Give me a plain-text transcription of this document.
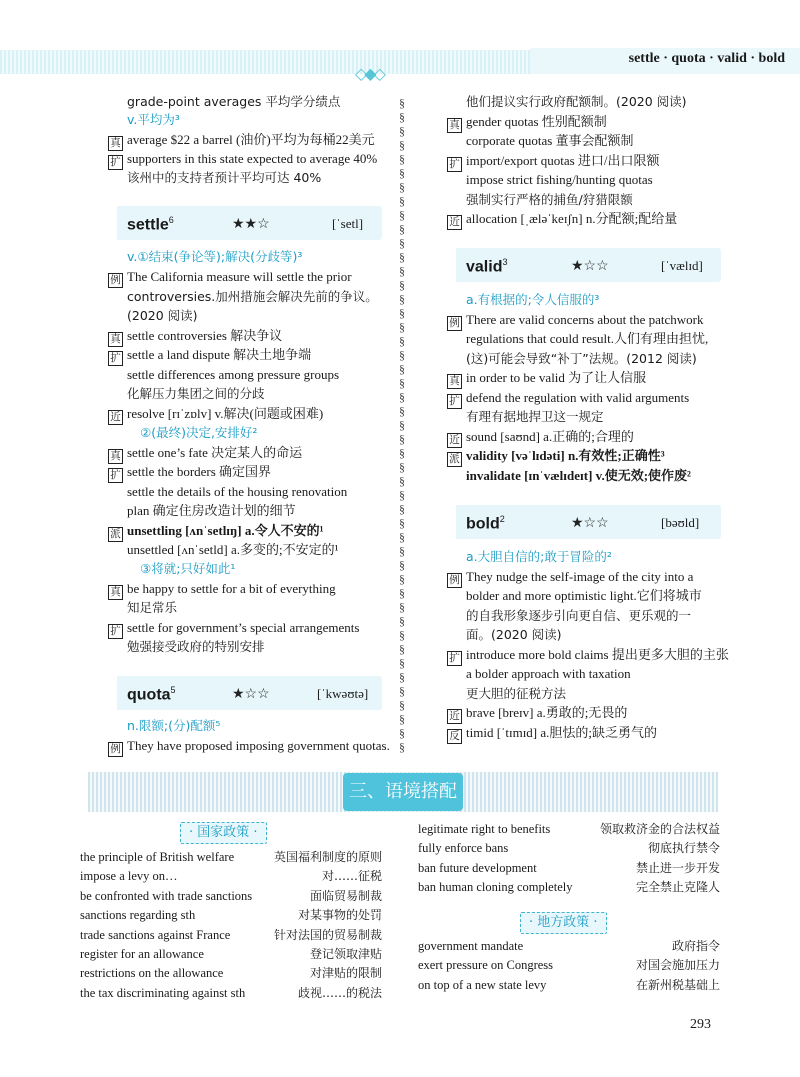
◇◆◇
settle · quota · valid · bold
§
§
§
§
§
§
§
§
§
§
§
§
§
§
§
§
§
§
§
§
§
§
§
§
§
§
§
§
§
§
§
§
§
§
§
§
§
§
§
§
§
§
§
§
§
§
§
grade-point averages 平均学分绩点
v.平均为³
真 average $22 a barrel (油价)平均为每桶22美元
扩 supporters in this state expected to average 40%
该州中的支持者预计平均可达 40%
settle$^6$	★★☆	[ˈsetl]
v.①结束(争论等);解决(分歧等)³
例 The California measure will settle the prior
controversies.加州措施会解决先前的争议。
(2020 阅读)
真 settle controversies 解决争议
扩 settle a land dispute 解决土地争端
settle differences among pressure groups
化解压力集团之间的分歧
近 resolve [rɪˈzɒlv] v.解决(问题或困难)
②(最终)决定,安排好²
真 settle one’s fate 决定某人的命运
扩 settle the borders 确定国界
settle the details of the housing renovation
plan 确定住房改造计划的细节
派 unsettling [ʌnˈsetlɪŋ] a.令人不安的¹
unsettled [ʌnˈsetld] a.多变的;不安定的¹
③将就;只好如此¹
真 be happy to settle for a bit of everything
知足常乐
扩 settle for government’s special arrangements
勉强接受政府的特别安排
quota$^5$	★☆☆	[ˈkwəʊtə]
n.限额;(分)配额⁵
例 They have proposed imposing government quotas.
他们提议实行政府配额制。(2020 阅读)
真 gender quotas 性别配额制
corporate quotas 董事会配额制
扩 import/export quotas 进口/出口限额
impose strict fishing/hunting quotas
强制实行严格的捕鱼/狩猎限额
近 allocation [ˌæləˈkeɪʃn] n.分配额;配给量
valid$^3$	★☆☆	[ˈvælɪd]
a.有根据的;令人信服的³
例 There are valid concerns about the patchwork
regulations that could result.人们有理由担忧,
(这)可能会导致“补丁”法规。(2012 阅读)
真 in order to be valid 为了让人信服
扩 defend the regulation with valid arguments
有理有据地捍卫这一规定
近 sound [saʊnd] a.正确的;合理的
派 validity [vəˈlɪdəti] n.有效性;正确性³
invalidate [ɪnˈvælɪdeɪt] v.使无效;使作废²
bold$^2$	★☆☆	[bəʊld]
a.大胆自信的;敢于冒险的²
例 They nudge the self-image of the city into a
bolder and more optimistic light.它们将城市
的自我形象逐步引向更自信、更乐观的一
面。(2020 阅读)
扩 introduce more bold claims 提出更多大胆的主张
a bolder approach with taxation
更大胆的征税方法
近 brave [breɪv] a.勇敢的;无畏的
反 timid [ˈtɪmɪd] a.胆怯的;缺乏勇气的
三、语境搭配
· 国家政策 ·
the principle of British welfare	英国福利制度的原则
impose a levy on…	对……征税
be confronted with trade sanctions	面临贸易制裁
sanctions regarding sth	对某事物的处罚
trade sanctions against France	针对法国的贸易制裁
register for an allowance	登记领取津贴
restrictions on the allowance	对津贴的限制
the tax discriminating against sth	歧视……的税法
legitimate right to benefits	领取救济金的合法权益
fully enforce bans	彻底执行禁令
ban future development	禁止进一步开发
ban human cloning completely	完全禁止克隆人
· 地方政策 ·
government mandate	政府指令
exert pressure on Congress	对国会施加压力
on top of a new state levy	在新州税基础上
293
